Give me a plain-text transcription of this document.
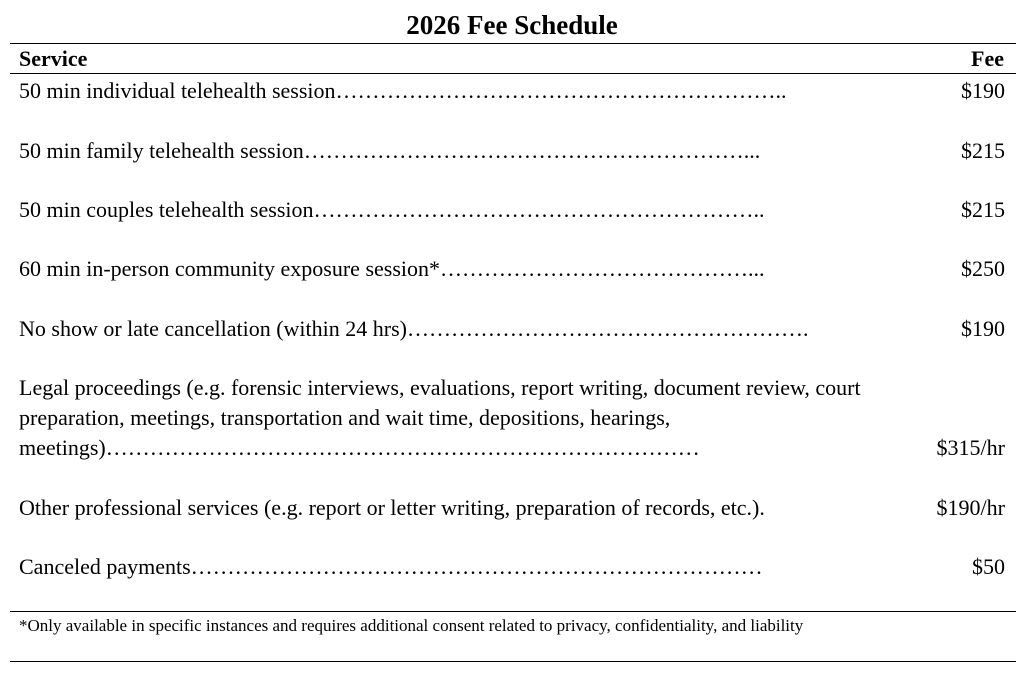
2026 Fee Schedule
Service	Fee
50 min individual telehealth session……………………………………………………..	$190
50 min family telehealth session……………………………………………………...	$215
50 min couples telehealth session……………………………………………………..	$215
60 min in-person community exposure session*……………………………………...	$250
No show or late cancellation (within 24 hrs)……………………………………………….	$190
Legal proceedings (e.g. forensic interviews, evaluations, report writing, document review, court preparation, meetings, transportation and wait time, depositions, hearings, meetings)………………………………………………………………………	$315/hr
Other professional services (e.g. report or letter writing, preparation of records, etc.).	$190/hr
Canceled payments……………………………………………………………………	$50
*Only available in specific instances and requires additional consent related to privacy, confidentiality, and liability
